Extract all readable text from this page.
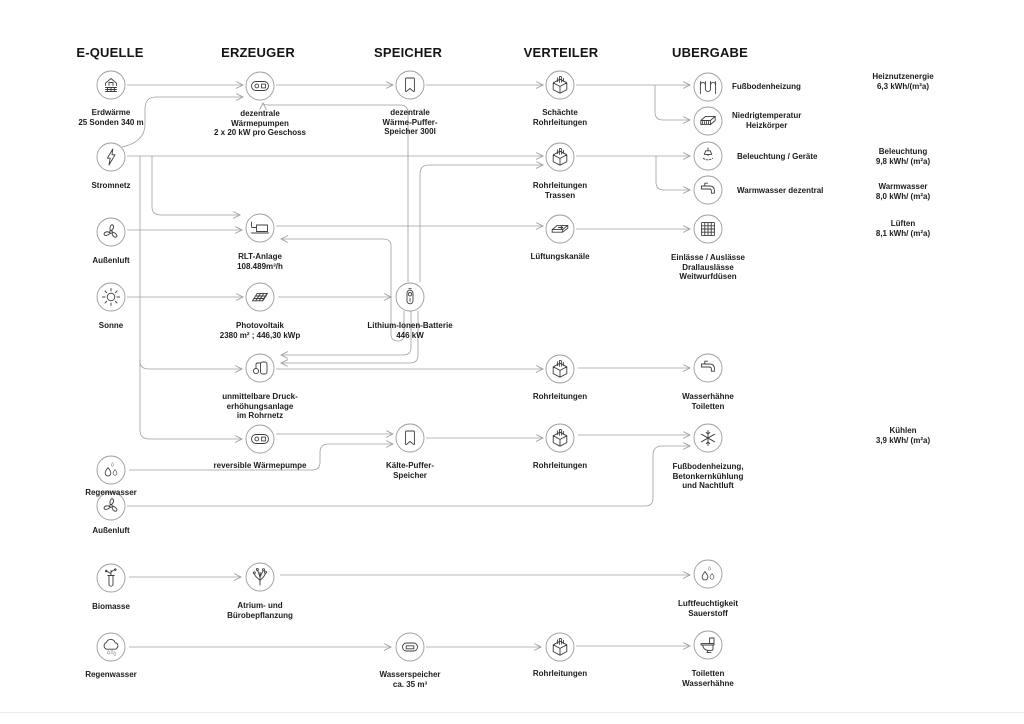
E-QUELLE	ERZEUGER	SPEICHER	VERTEILER	UBERGABE
Erdwärme
25 Sonden 340 m
Stromnetz
Außenluft
Sonne
Regenwasser
Außenluft
Biomasse
Regenwasser
dezentrale
Wärmepumpen
2 x 20 kW pro Geschoss
RLT-Anlage
108.489m³/h
Photovoltaik
2380 m² ; 446,30 kWp
unmittelbare Druck-
erhöhungsanlage
im Rohrnetz
reversible Wärmepumpe
Atrium- und
Bürobepflanzung
dezentrale
Wärme-Puffer-
Speicher 300l
Lithium-Ionen-Batterie
446 kW
Kälte-Puffer-
Speicher
Wasserspeicher
ca. 35 m³
Schächte
Rohrleitungen
Rohrleitungen
Trassen
Lüftungskanäle
Rohrleitungen
Rohrleitungen
Rohrleitungen
Fußbodenheizung
Niedrigtemperatur
Heizkörper
Beleuchtung / Geräte
Warmwasser dezentral
Einlässe / Auslässe
Drallauslässe
Weitwurfdüsen
Wasserhähne
Toiletten
Fußbodenheizung,
Betonkernkühlung
und Nachtluft
Luftfeuchtigkeit
Sauerstoff
Toiletten
Wasserhähne
Heiznutzenergie
6,3 kWh/(m²a)
Beleuchtung
9,8 kWh/ (m²a)
Warmwasser
8,0 kWh/ (m²a)
Lüften
8,1 kWh/ (m²a)
Kühlen
3,9 kWh/ (m²a)
